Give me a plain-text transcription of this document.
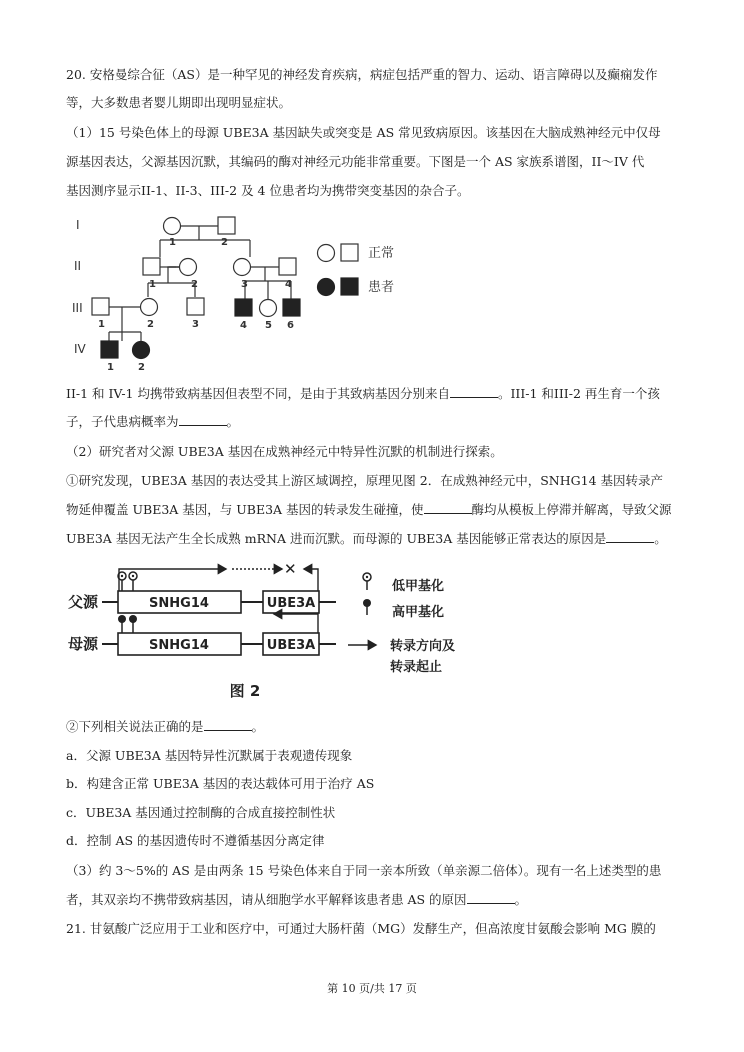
20. 安格曼综合征（AS）是一种罕见的神经发育疾病，病症包括严重的智力、运动、语言障碍以及癫痫发作
等，大多数患者婴儿期即出现明显症状。
（1）15 号染色体上的母源 UBE3A 基因缺失或突变是 AS 常见致病原因。该基因在大脑成熟神经元中仅母
源基因表达，父源基因沉默，其编码的酶对神经元功能非常重要。下图是一个 AS 家族系谱图，II～IV 代
基因测序显示II-1、II-3、III-2 及 4 位患者均为携带突变基因的杂合子。
I
II
III
IV
1	2
1	2	3	4
1	2	3	4 5 6
1 2
正常
患者
II-1 和 IV-1 均携带致病基因但表型不同，是由于其致病基因分别来自	。III-1 和III-2 再生育一个孩
子，子代患病概率为	。
（2）研究者对父源 UBE3A 基因在成熟神经元中特异性沉默的机制进行探索。
①研究发现，UBE3A 基因的表达受其上游区域调控，原理见图 2．在成熟神经元中，SNHG14 基因转录产
物延伸覆盖 UBE3A 基因，与 UBE3A 基因的转录发生碰撞，使	酶均从模板上停滞并解离，导致父源
UBE3A 基因无法产生全长成熟 mRNA 进而沉默。而母源的 UBE3A 基因能够正常表达的原因是	。
父源	SNHG14	UBE3A
✕
母源	SNHG14	UBE3A
低甲基化
高甲基化
转录方向及
转录起止
图 2
②下列相关说法正确的是	。
a．父源 UBE3A 基因特异性沉默属于表观遗传现象
b．构建含正常 UBE3A 基因的表达载体可用于治疗 AS
c．UBE3A 基因通过控制酶的合成直接控制性状
d．控制 AS 的基因遗传时不遵循基因分离定律
（3）约 3～5%的 AS 是由两条 15 号染色体来自于同一亲本所致（单亲源二倍体）。现有一名上述类型的患
者，其双亲均不携带致病基因，请从细胞学水平解释该患者患 AS 的原因	。
21. 甘氨酸广泛应用于工业和医疗中，可通过大肠杆菌（MG）发酵生产，但高浓度甘氨酸会影响 MG 膜的
第 10 页/共 17 页
